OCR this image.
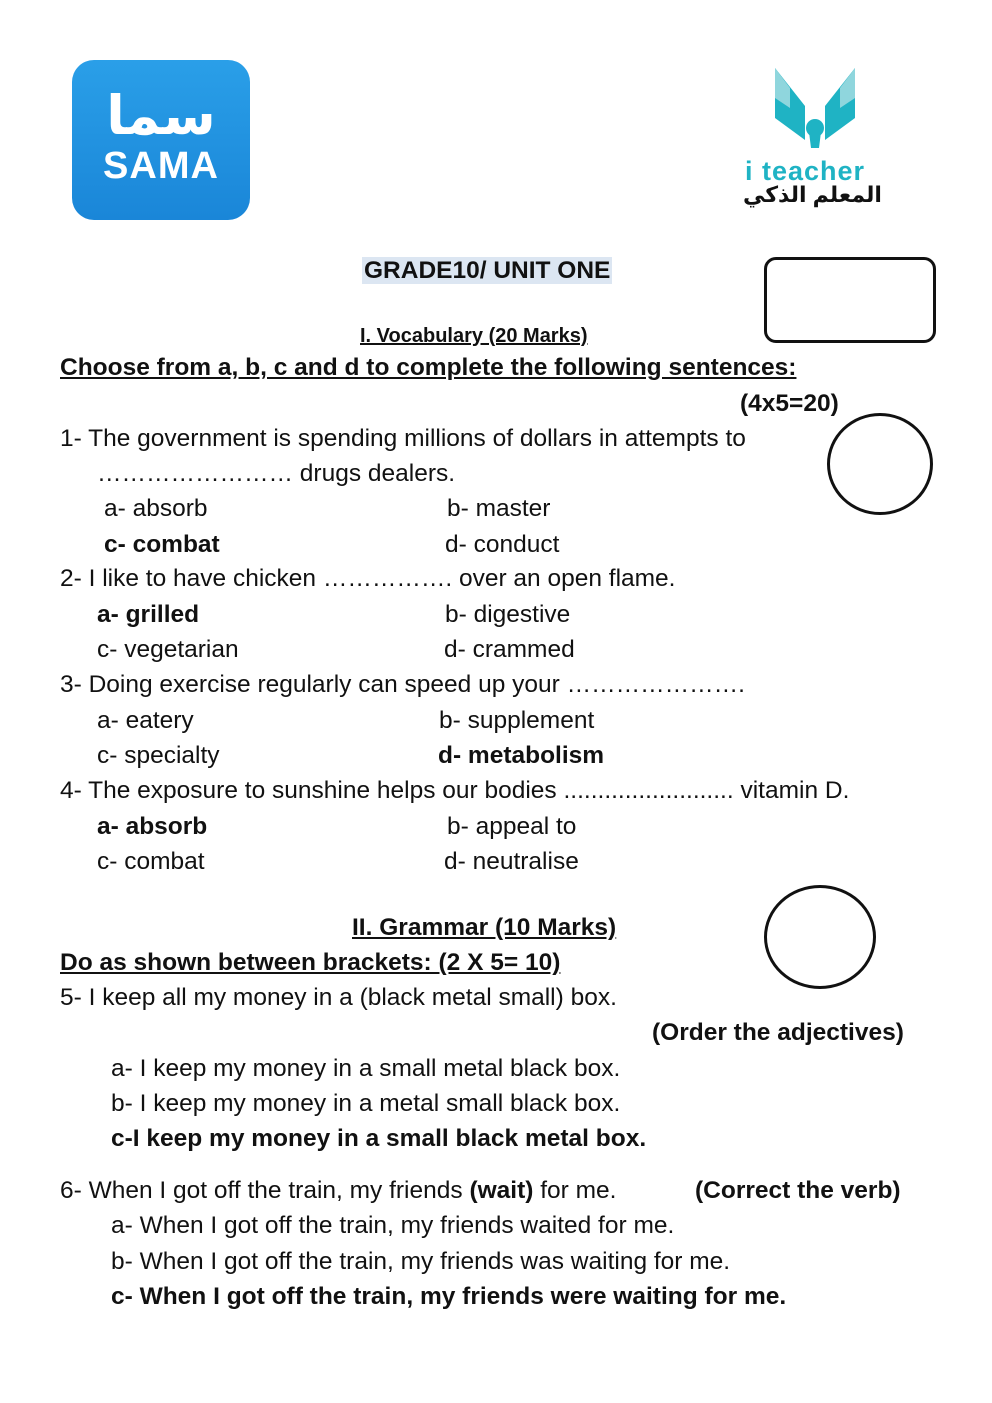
سما
SAMA	i teacher
المعلم الذكي
GRADE10/ UNIT ONE
I. Vocabulary (20 Marks)
Choose from a, b, c and d to complete the following sentences:
(4x5=20)
1- The government is spending millions of dollars in attempts to
…………………… drugs dealers.
a- absorb	b- master
c- combat	d- conduct
2- I like to have chicken ……………. over an open flame.
a- grilled	b- digestive
c- vegetarian	d- crammed
3- Doing exercise regularly can speed up your ………………….
a- eatery	b- supplement
c- specialty	d- metabolism
4- The exposure to sunshine helps our bodies ......................... vitamin D.
a- absorb	b- appeal to
c- combat	d- neutralise
II. Grammar (10 Marks)
Do as shown between brackets: (2 X 5= 10)
5- I keep all my money in a (black metal small) box.
(Order the adjectives)
a- I keep my money in a small metal black box.
b- I keep my money in a metal small black box.
c-I keep my money in a small black metal box.
6- When I got off the train, my friends (wait) for me.	(Correct the verb)
a- When I got off the train, my friends waited for me.
b- When I got off the train, my friends was waiting for me.
c- When I got off the train, my friends were waiting for me.
